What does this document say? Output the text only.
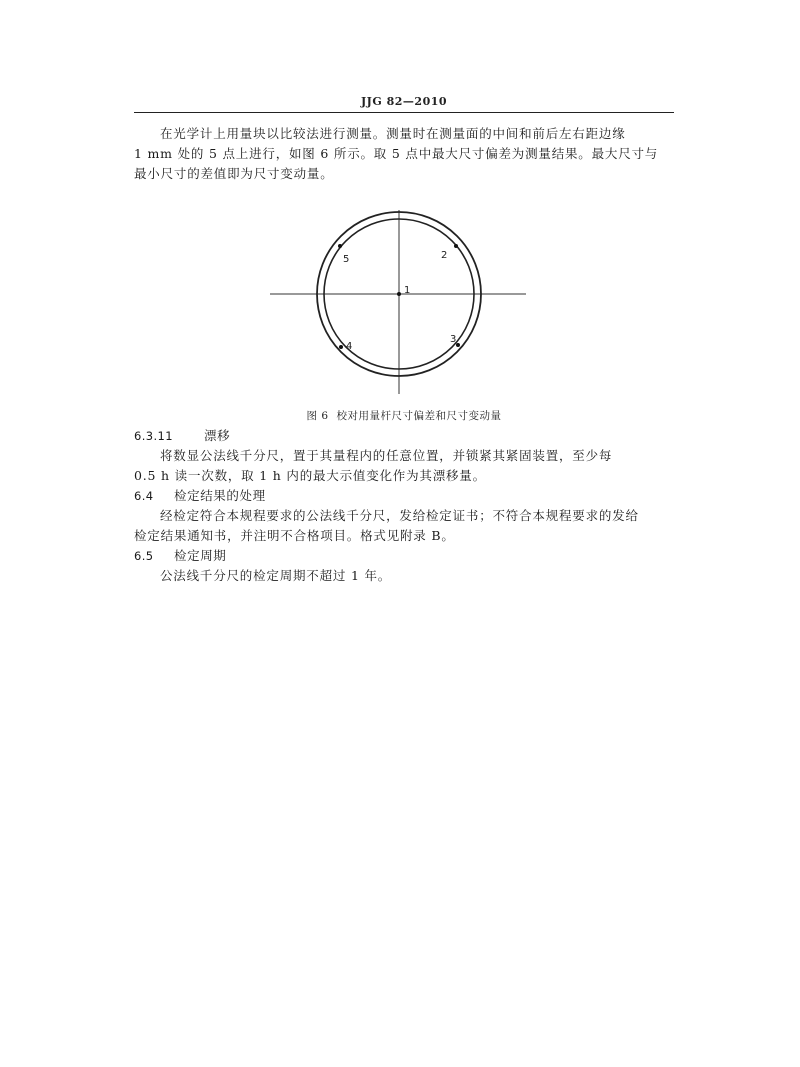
JJG 82—2010
在光学计上用量块以比较法进行测量。测量时在测量面的中间和前后左右距边缘
1 mm 处的 5 点上进行，如图 6 所示。取 5 点中最大尺寸偏差为测量结果。最大尺寸与
最小尺寸的差值即为尺寸变动量。
1
2
3
4
5
图 6 校对用量杆尺寸偏差和尺寸变动量
6.3.11 漂移
将数显公法线千分尺，置于其量程内的任意位置，并锁紧其紧固装置，至少每
0.5 h 读一次数，取 1 h 内的最大示值变化作为其漂移量。
6.4 检定结果的处理
经检定符合本规程要求的公法线千分尺，发给检定证书；不符合本规程要求的发给
检定结果通知书，并注明不合格项目。格式见附录 B。
6.5 检定周期
公法线千分尺的检定周期不超过 1 年。
